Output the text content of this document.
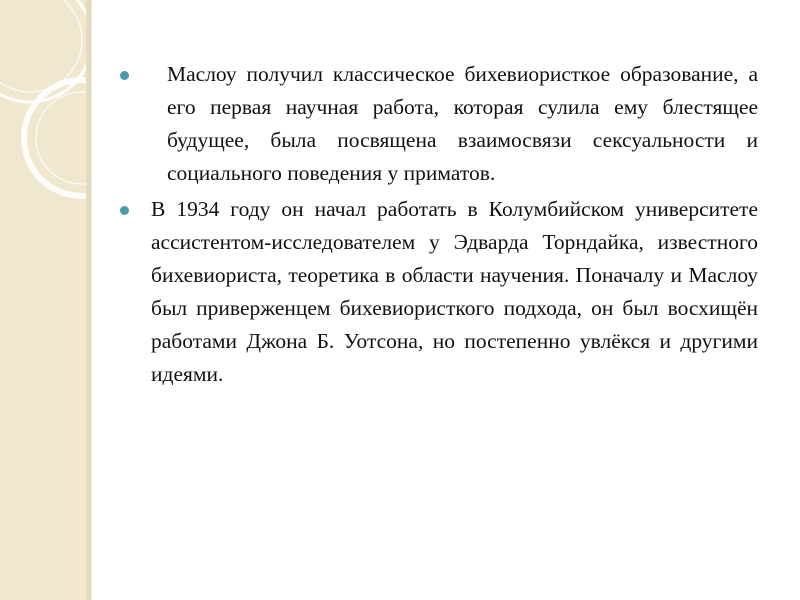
Маслоу получил классическое бихевиористкое образование, а его первая научная работа, которая сулила ему блестящее будущее, была посвящена взаимосвязи сексуальности и социального поведения у приматов.

В 1934 году он начал работать в Колумбийском университете ассистентом-исследователем у Эдварда Торндайка, известного бихевиориста, теоретика в области научения. Поначалу и Маслоу был приверженцем бихевиористкого подхода, он был восхищён работами Джона Б. Уотсона, но постепенно увлёкся и другими идеями.
